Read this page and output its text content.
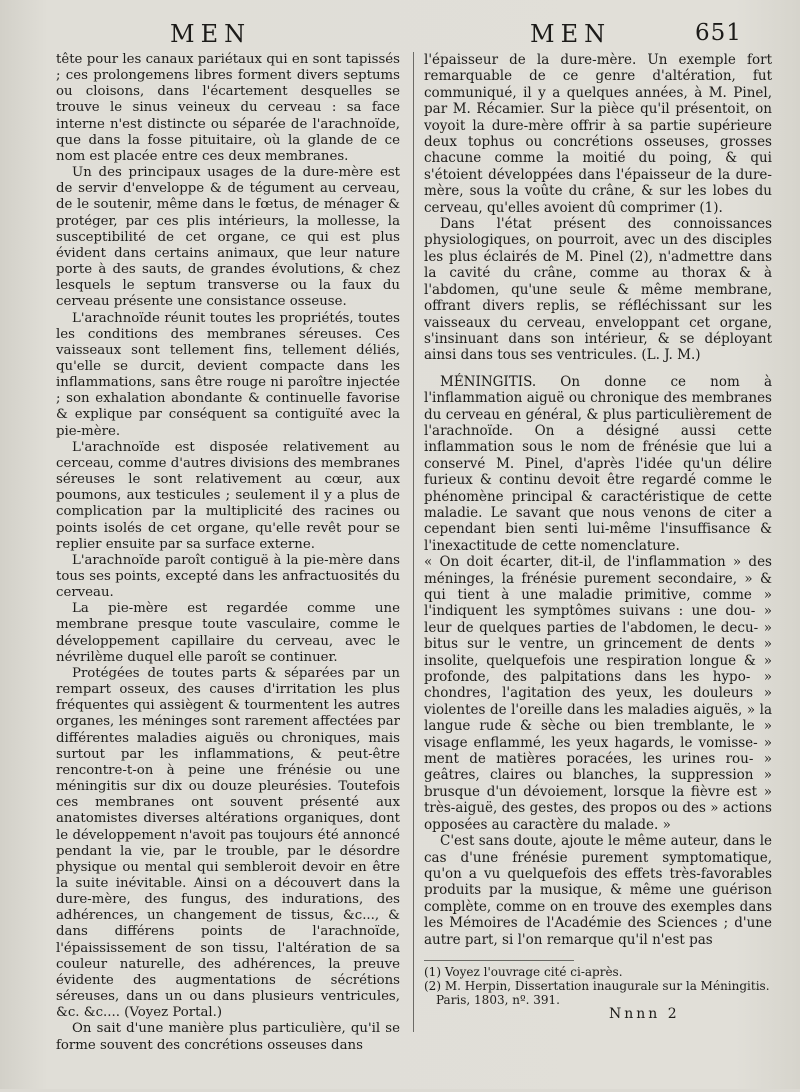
MEN	MEN	651

tête pour les canaux pariétaux qui en sont tapissés ; ces prolongemens libres forment divers septums ou cloisons, dans l'écartement desquelles se trouve le sinus veineux du cerveau : sa face interne n'est distincte ou séparée de l'arachnoïde, que dans la fosse pituitaire, où la glande de ce nom est placée entre ces deux membranes.

Un des principaux usages de la dure-mère est de servir d'enveloppe & de tégument au cerveau, de le soutenir, même dans le fœtus, de ménager & protéger, par ces plis intérieurs, la mollesse, la susceptibilité de cet organe, ce qui est plus évident dans certains animaux, que leur nature porte à des sauts, de grandes évolutions, & chez lesquels le septum transverse ou la faux du cerveau présente une consistance osseuse.

L'arachnoïde réunit toutes les propriétés, toutes les conditions des membranes séreuses. Ces vaisseaux sont tellement fins, tellement déliés, qu'elle se durcit, devient compacte dans les inflammations, sans être rouge ni paroître injectée ; son exhalation abondante & continuelle favorise & explique par conséquent sa contiguïté avec la pie-mère.

L'arachnoïde est disposée relativement au cerceau, comme d'autres divisions des membranes séreuses le sont relativement au cœur, aux poumons, aux testicules ; seulement il y a plus de complication par la multiplicité des racines ou points isolés de cet organe, qu'elle revêt pour se replier ensuite par sa surface externe.

L'arachnoïde paroît contiguë à la pie-mère dans tous ses points, excepté dans les anfractuosités du cerveau.

La pie-mère est regardée comme une membrane presque toute vasculaire, comme le développement capillaire du cerveau, avec le névrilème duquel elle paroît se continuer.

Protégées de toutes parts & séparées par un rempart osseux, des causes d'irritation les plus fréquentes qui assiègent & tourmentent les autres organes, les méninges sont rarement affectées par différentes maladies aiguës ou chroniques, mais surtout par les inflammations, & peut-être rencontre-t-on à peine une frénésie ou une méningitis sur dix ou douze pleurésies. Toutefois ces membranes ont souvent présenté aux anatomistes diverses altérations organiques, dont le développement n'avoit pas toujours été annoncé pendant la vie, par le trouble, par le désordre physique ou mental qui sembleroit devoir en être la suite inévitable. Ainsi on a découvert dans la dure-mère, des fungus, des indurations, des adhérences, un changement de tissus, &c..., & dans différens points de l'arachnoïde, l'épaississement de son tissu, l'altération de sa couleur naturelle, des adhérences, la preuve évidente des augmentations de sécrétions séreuses, dans un ou dans plusieurs ventricules, &c. &c.... (Voyez Portal.)

On sait d'une manière plus particulière, qu'il se forme souvent des concrétions osseuses dans

l'épaisseur de la dure-mère. Un exemple fort remarquable de ce genre d'altération, fut communiqué, il y a quelques années, à M. Pinel, par M. Récamier. Sur la pièce qu'il présentoit, on voyoit la dure-mère offrir à sa partie supérieure deux tophus ou concrétions osseuses, grosses chacune comme la moitié du poing, & qui s'étoient développées dans l'épaisseur de la dure-mère, sous la voûte du crâne, & sur les lobes du cerveau, qu'elles avoient dû comprimer (1).

Dans l'état présent des connoissances physiologiques, on pourroit, avec un des disciples les plus éclairés de M. Pinel (2), n'admettre dans la cavité du crâne, comme au thorax & à l'abdomen, qu'une seule & même membrane, offrant divers replis, se réfléchissant sur les vaisseaux du cerveau, enveloppant cet organe, s'insinuant dans son intérieur, & se déployant ainsi dans tous ses ventricules. (L. J. M.)

MÉNINGITIS. On donne ce nom à l'inflammation aiguë ou chronique des membranes du cerveau en général, & plus particulièrement de l'arachnoïde. On a désigné aussi cette inflammation sous le nom de frénésie que lui a conservé M. Pinel, d'après l'idée qu'un délire furieux & continu devoit être regardé comme le phénomène principal & caractéristique de cette maladie. Le savant que nous venons de citer a cependant bien senti lui-même l'insuffisance & l'inexactitude de cette nomenclature.

« On doit écarter, dit-il, de l'inflammation » des méninges, la frénésie purement secondaire, » & qui tient à une maladie primitive, comme » l'indiquent les symptômes suivans : une dou- » leur de quelques parties de l'abdomen, le decu- » bitus sur le ventre, un grincement de dents » insolite, quelquefois une respiration longue & » profonde, des palpitations dans les hypo- » chondres, l'agitation des yeux, les douleurs » violentes de l'oreille dans les maladies aiguës, » la langue rude & sèche ou bien tremblante, le » visage enflammé, les yeux hagards, le vomisse- » ment de matières poracées, les urines rou- » geâtres, claires ou blanches, la suppression » brusque d'un dévoiement, lorsque la fièvre est » très-aiguë, des gestes, des propos ou des » actions opposées au caractère du malade. »

C'est sans doute, ajoute le même auteur, dans le cas d'une frénésie purement symptomatique, qu'on a vu quelquefois des effets très-favorables produits par la musique, & même une guérison complète, comme on en trouve des exemples dans les Mémoires de l'Académie des Sciences ; d'une autre part, si l'on remarque qu'il n'est pas

(1) Voyez l'ouvrage cité ci-après.

(2) M. Herpin, Dissertation inaugurale sur la Méningitis. Paris, 1803, nº. 391.

Nnnn 2
